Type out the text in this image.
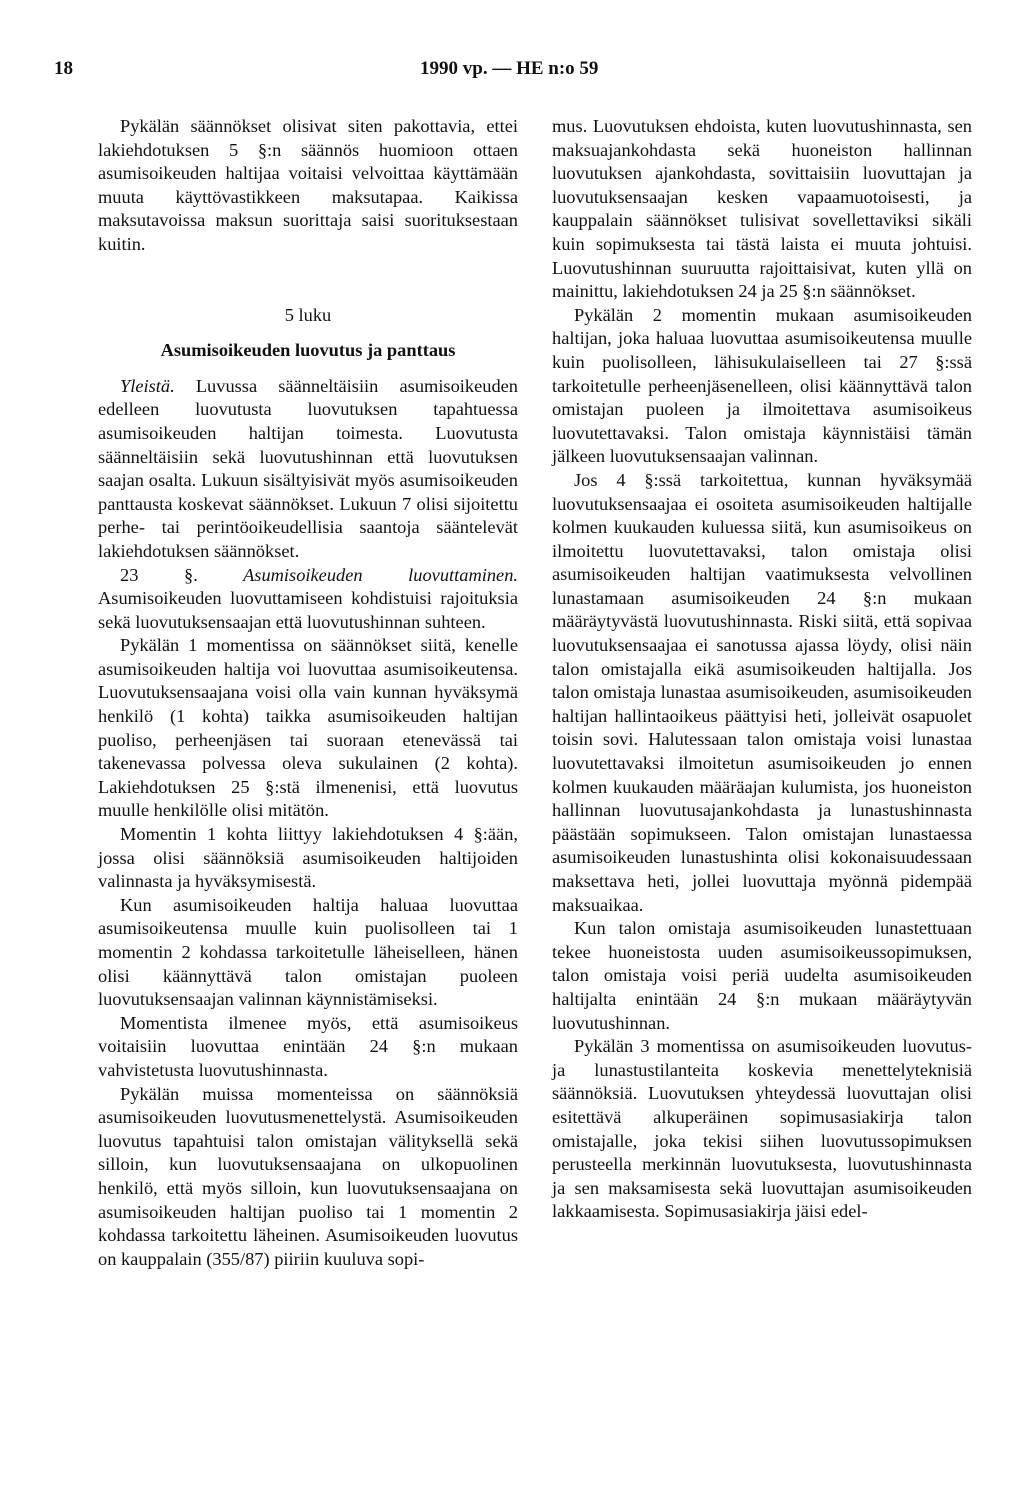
18	1990 vp. — HE n:o 59

Pykälän säännökset olisivat siten pakottavia, ettei lakiehdotuksen 5 §:n säännös huomioon ottaen asumisoikeuden haltijaa voitaisi velvoittaa käyttämään muuta käyttövastikkeen maksutapaa. Kaikissa maksutavoissa maksun suorittaja saisi suorituksestaan kuitin.

5 luku
Asumisoikeuden luovutus ja panttaus

Yleistä. Luvussa säänneltäisiin asumisoikeuden edelleen luovutusta luovutuksen tapahtuessa asumisoikeuden haltijan toimesta. Luovutusta säänneltäisiin sekä luovutushinnan että luovutuksen saajan osalta. Lukuun sisältyisivät myös asumisoikeuden panttausta koskevat säännökset. Lukuun 7 olisi sijoitettu perhe- tai perintöoikeudellisia saantoja sääntelevät lakiehdotuksen säännökset.

23 §. Asumisoikeuden luovuttaminen. Asumisoikeuden luovuttamiseen kohdistuisi rajoituksia sekä luovutuksensaajan että luovutushinnan suhteen.

Pykälän 1 momentissa on säännökset siitä, kenelle asumisoikeuden haltija voi luovuttaa asumisoikeutensa. Luovutuksensaajana voisi olla vain kunnan hyväksymä henkilö (1 kohta) taikka asumisoikeuden haltijan puoliso, perheenjäsen tai suoraan etenevässä tai takenevassa polvessa oleva sukulainen (2 kohta). Lakiehdotuksen 25 §:stä ilmenenisi, että luovutus muulle henkilölle olisi mitätön.

Momentin 1 kohta liittyy lakiehdotuksen 4 §:ään, jossa olisi säännöksiä asumisoikeuden haltijoiden valinnasta ja hyväksymisestä.

Kun asumisoikeuden haltija haluaa luovuttaa asumisoikeutensa muulle kuin puolisolleen tai 1 momentin 2 kohdassa tarkoitetulle läheiselleen, hänen olisi käännyttävä talon omistajan puoleen luovutuksensaajan valinnan käynnistämiseksi.

Momentista ilmenee myös, että asumisoikeus voitaisiin luovuttaa enintään 24 §:n mukaan vahvistetusta luovutushinnasta.

Pykälän muissa momenteissa on säännöksiä asumisoikeuden luovutusmenettelystä. Asumisoikeuden luovutus tapahtuisi talon omistajan välityksellä sekä silloin, kun luovutuksensaajana on ulkopuolinen henkilö, että myös silloin, kun luovutuksensaajana on asumisoikeuden haltijan puoliso tai 1 momentin 2 kohdassa tarkoitettu läheinen. Asumisoikeuden luovutus on kauppalain (355/87) piiriin kuuluva sopi-

mus. Luovutuksen ehdoista, kuten luovutushinnasta, sen maksuajankohdasta sekä huoneiston hallinnan luovutuksen ajankohdasta, sovittaisiin luovuttajan ja luovutuksensaajan kesken vapaamuotoisesti, ja kauppalain säännökset tulisivat sovellettaviksi sikäli kuin sopimuksesta tai tästä laista ei muuta johtuisi. Luovutushinnan suuruutta rajoittaisivat, kuten yllä on mainittu, lakiehdotuksen 24 ja 25 §:n säännökset.

Pykälän 2 momentin mukaan asumisoikeuden haltijan, joka haluaa luovuttaa asumisoikeutensa muulle kuin puolisolleen, lähisukulaiselleen tai 27 §:ssä tarkoitetulle perheenjäsenelleen, olisi käännyttävä talon omistajan puoleen ja ilmoitettava asumisoikeus luovutettavaksi. Talon omistaja käynnistäisi tämän jälkeen luovutuksensaajan valinnan.

Jos 4 §:ssä tarkoitettua, kunnan hyväksymää luovutuksensaajaa ei osoiteta asumisoikeuden haltijalle kolmen kuukauden kuluessa siitä, kun asumisoikeus on ilmoitettu luovutettavaksi, talon omistaja olisi asumisoikeuden haltijan vaatimuksesta velvollinen lunastamaan asumisoikeuden 24 §:n mukaan määräytyvästä luovutushinnasta. Riski siitä, että sopivaa luovutuksensaajaa ei sanotussa ajassa löydy, olisi näin talon omistajalla eikä asumisoikeuden haltijalla. Jos talon omistaja lunastaa asumisoikeuden, asumisoikeuden haltijan hallintaoikeus päättyisi heti, jolleivät osapuolet toisin sovi. Halutessaan talon omistaja voisi lunastaa luovutettavaksi ilmoitetun asumisoikeuden jo ennen kolmen kuukauden määräajan kulumista, jos huoneiston hallinnan luovutusajankohdasta ja lunastushinnasta päästään sopimukseen. Talon omistajan lunastaessa asumisoikeuden lunastushinta olisi kokonaisuudessaan maksettava heti, jollei luovuttaja myönnä pidempää maksuaikaa.

Kun talon omistaja asumisoikeuden lunastettuaan tekee huoneistosta uuden asumisoikeussopimuksen, talon omistaja voisi periä uudelta asumisoikeuden haltijalta enintään 24 §:n mukaan määräytyvän luovutushinnan.

Pykälän 3 momentissa on asumisoikeuden luovutus- ja lunastustilanteita koskevia menettelyteknisiä säännöksiä. Luovutuksen yhteydessä luovuttajan olisi esitettävä alkuperäinen sopimusasiakirja talon omistajalle, joka tekisi siihen luovutussopimuksen perusteella merkinnän luovutuksesta, luovutushinnasta ja sen maksamisesta sekä luovuttajan asumisoikeuden lakkaamisesta. Sopimusasiakirja jäisi edel-
